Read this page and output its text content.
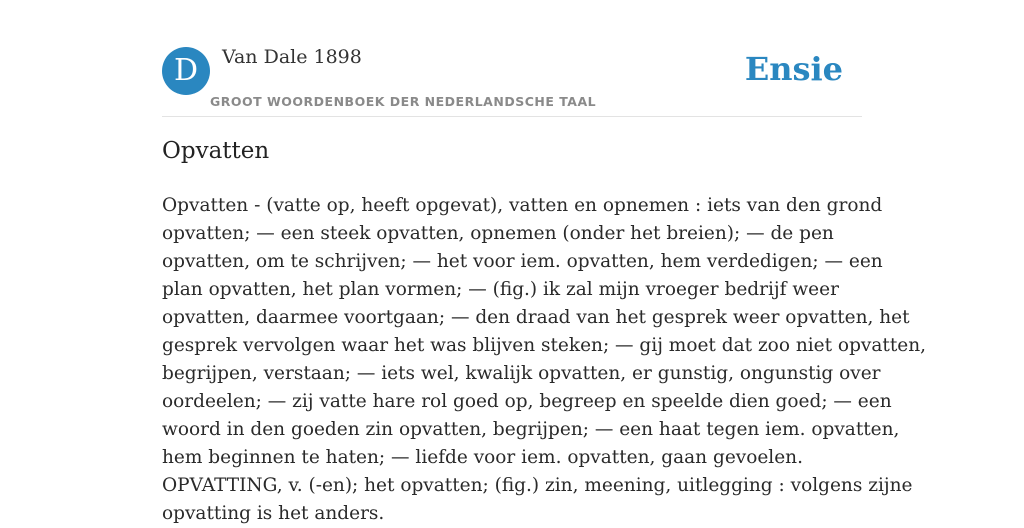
D	Van Dale 1898
GROOT WOORDENBOEK DER NEDERLANDSCHE TAAL
Ensie
Opvatten

Opvatten - (vatte op, heeft opgevat), vatten en opnemen : iets van den grond
opvatten; — een steek opvatten, opnemen (onder het breien); — de pen
opvatten, om te schrijven; — het voor iem. opvatten, hem verdedigen; — een
plan opvatten, het plan vormen; — (fig.) ik zal mijn vroeger bedrijf weer
opvatten, daarmee voortgaan; — den draad van het gesprek weer opvatten, het
gesprek vervolgen waar het was blijven steken; — gij moet dat zoo niet opvatten,
begrijpen, verstaan; — iets wel, kwalijk opvatten, er gunstig, ongunstig over
oordeelen; — zij vatte hare rol goed op, begreep en speelde dien goed; — een
woord in den goeden zin opvatten, begrijpen; — een haat tegen iem. opvatten,
hem beginnen te haten; — liefde voor iem. opvatten, gaan gevoelen.
OPVATTING, v. (-en); het opvatten; (fig.) zin, meening, uitlegging : volgens zijne
opvatting is het anders.
